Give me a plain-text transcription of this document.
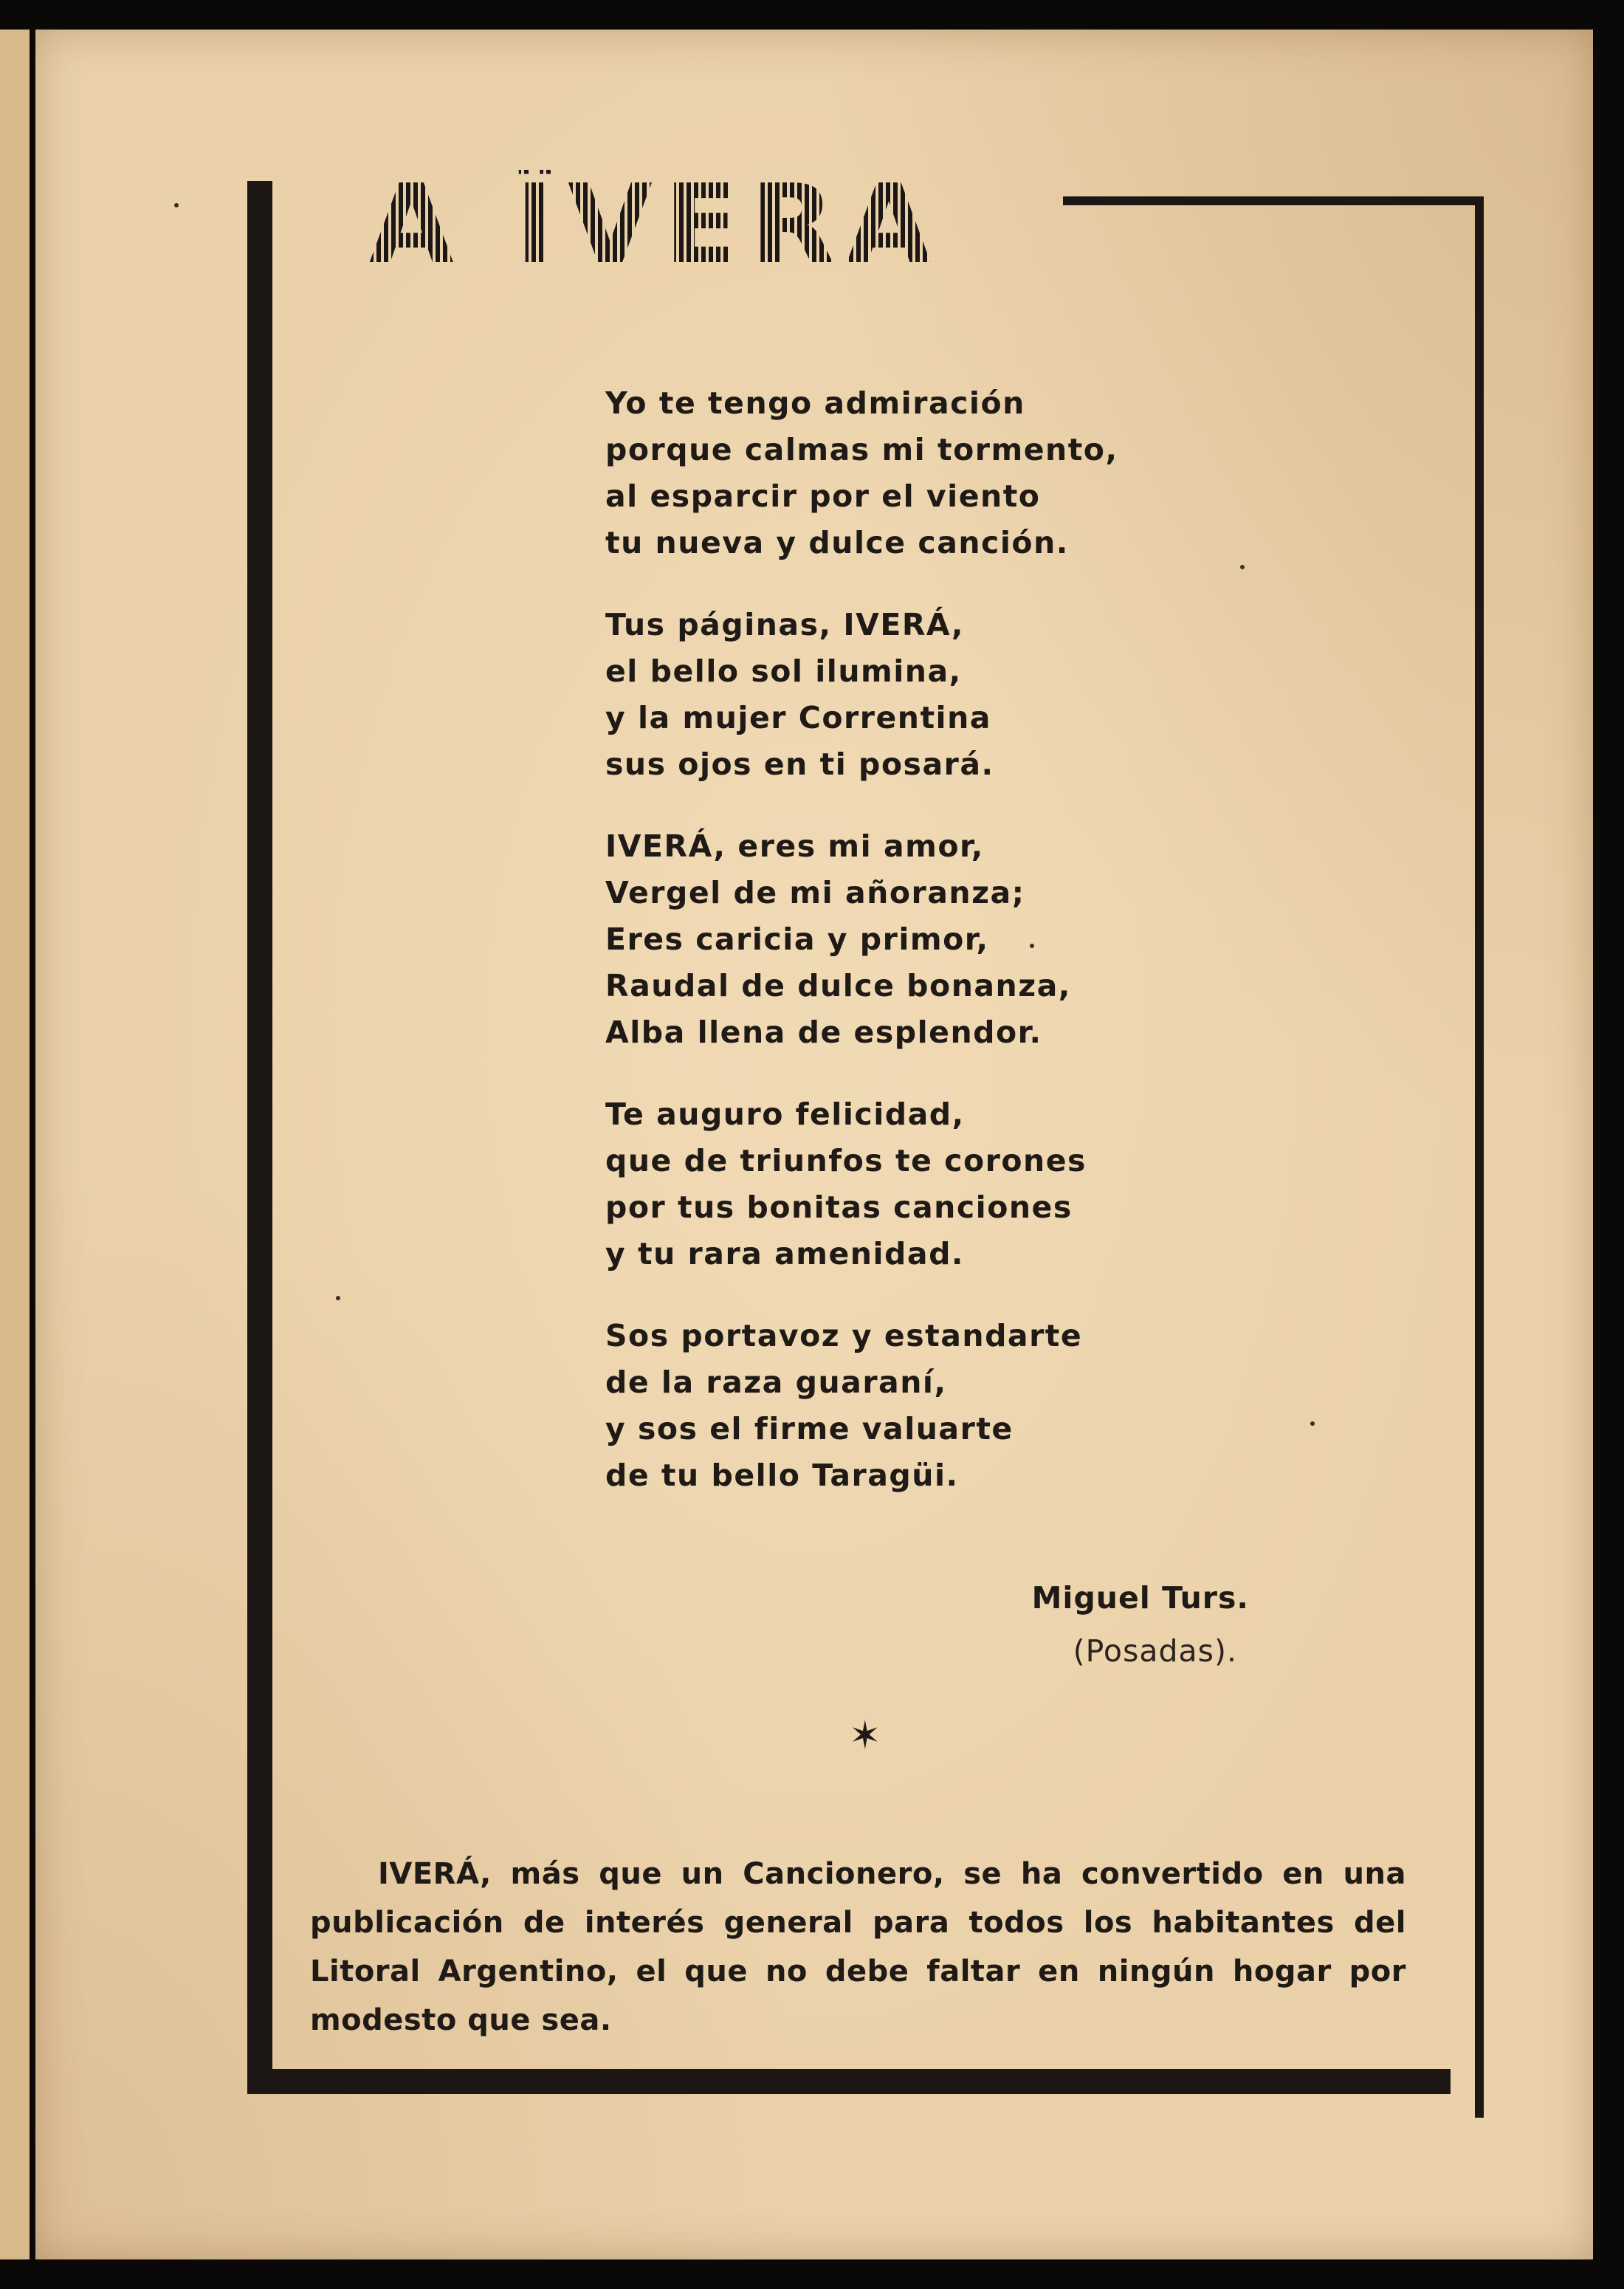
A ÏVERA
Yo te tengo admiración
porque calmas mi tormento,
al esparcir por el viento
tu nueva y dulce canción.
Tus páginas, IVERÁ,
el bello sol ilumina,
y la mujer Correntina
sus ojos en ti posará.
IVERÁ, eres mi amor,
Vergel de mi añoranza;
Eres caricia y primor,
Raudal de dulce bonanza,
Alba llena de esplendor.
Te auguro felicidad,
que de triunfos te corones
por tus bonitas canciones
y tu rara amenidad.
Sos portavoz y estandarte
de la raza guaraní,
y sos el firme valuarte
de tu bello Taragüi.
Miguel Turs.
(Posadas).
✶

IVERÁ, más que un Cancionero, se ha convertido en una publicación de interés general para todos los habitantes del Litoral Argentino, el que no debe faltar en ningún hogar por modesto que sea.
